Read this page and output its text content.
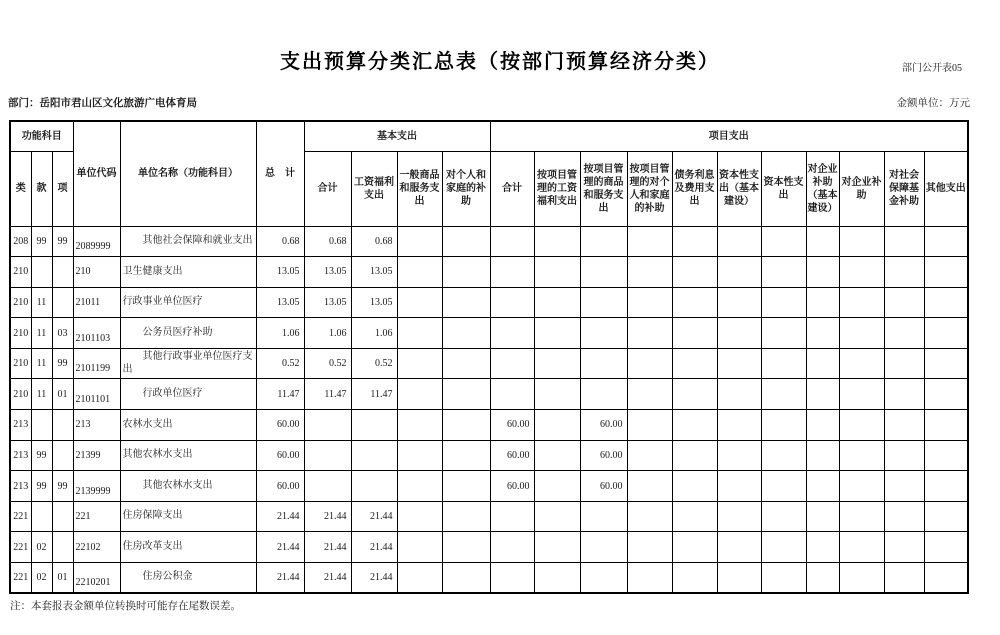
部门公开表05
支出预算分类汇总表（按部门预算经济分类）
部门：岳阳市君山区文化旅游广电体育局	金额单位：万元
功能科目			单位代码	单位名称（功能科目）	总　计	基本支出				项目支出										
类	款	项				合计	工资福利支出	一般商品和服务支出	对个人和家庭的补助	合计	按项目管理的工资福利支出	按项目管理的商品和服务支出	按项目管理的对个人和家庭的补助	债务利息及费用支出	资本性支出（基本建设）	资本性支出	对企业补助（基本建设）	对企业补助	对社会保障基金补助	其他支出
208	99	99	2089999	其他社会保障和就业支出	0.68	0.68	0.68													
210			210	卫生健康支出	13.05	13.05	13.05													
210	11		21011	行政事业单位医疗	13.05	13.05	13.05													
210	11	03	2101103	公务员医疗补助	1.06	1.06	1.06													
210	11	99	2101199	其他行政事业单位医疗支出	0.52	0.52	0.52													
210	11	01	2101101	行政单位医疗	11.47	11.47	11.47													
213			213	农林水支出	60.00					60.00		60.00								
213	99		21399	其他农林水支出	60.00					60.00		60.00								
213	99	99	2139999	其他农林水支出	60.00					60.00		60.00								
221			221	住房保障支出	21.44	21.44	21.44													
221	02		22102	住房改革支出	21.44	21.44	21.44													
221	02	01	2210201	住房公积金	21.44	21.44	21.44													
注：本套报表金额单位转换时可能存在尾数误差。
